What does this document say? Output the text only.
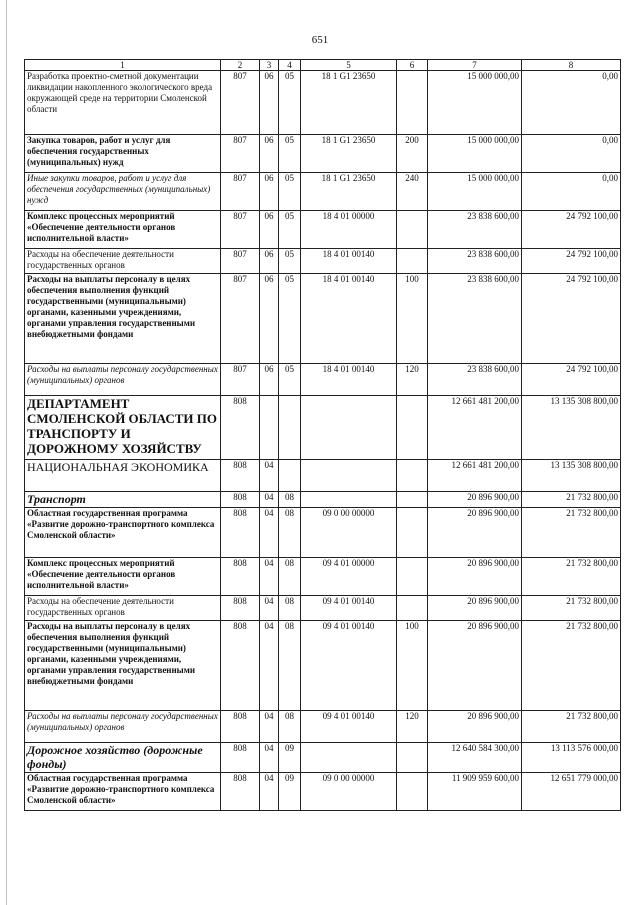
651
1	2	3	4	5	6	7	8
Разработка проектно-сметной документации ликвидации накопленного экологического вреда окружающей среде на территории Смоленской области	807	06	05	18 1 G1 23650		15 000 000,00	0,00
Закупка товаров, работ и услуг для обеспечения государственных (муниципальных) нужд	807	06	05	18 1 G1 23650	200	15 000 000,00	0,00
Иные закупки товаров, работ и услуг для обеспечения государственных (муниципальных) нужд	807	06	05	18 1 G1 23650	240	15 000 000,00	0,00
Комплекс процессных мероприятий «Обеспечение деятельности органов исполнительной власти»	807	06	05	18 4 01 00000		23 838 600,00	24 792 100,00
Расходы на обеспечение деятельности государственных органов	807	06	05	18 4 01 00140		23 838 600,00	24 792 100,00
Расходы на выплаты персоналу в целях обеспечения выполнения функций государственными (муниципальными) органами, казенными учреждениями, органами управления государственными внебюджетными фондами	807	06	05	18 4 01 00140	100	23 838 600,00	24 792 100,00
Расходы на выплаты персоналу государственных (муниципальных) органов	807	06	05	18 4 01 00140	120	23 838 600,00	24 792 100,00
ДЕПАРТАМЕНТ СМОЛЕНСКОЙ ОБЛАСТИ ПО ТРАНСПОРТУ И ДОРОЖНОМУ ХОЗЯЙСТВУ	808					12 661 481 200,00	13 135 308 800,00
НАЦИОНАЛЬНАЯ ЭКОНОМИКА	808	04				12 661 481 200,00	13 135 308 800,00
Транспорт	808	04	08			20 896 900,00	21 732 800,00
Областная государственная программа «Развитие дорожно-транспортного комплекса Смоленской области»	808	04	08	09 0 00 00000		20 896 900,00	21 732 800,00
Комплекс процессных мероприятий «Обеспечение деятельности органов исполнительной власти»	808	04	08	09 4 01 00000		20 896 900,00	21 732 800,00
Расходы на обеспечение деятельности государственных органов	808	04	08	09 4 01 00140		20 896 900,00	21 732 800,00
Расходы на выплаты персоналу в целях обеспечения выполнения функций государственными (муниципальными) органами, казенными учреждениями, органами управления государственными внебюджетными фондами	808	04	08	09 4 01 00140	100	20 896 900,00	21 732 800,00
Расходы на выплаты персоналу государственных (муниципальных) органов	808	04	08	09 4 01 00140	120	20 896 900,00	21 732 800,00
Дорожное хозяйство (дорожные фонды)	808	04	09			12 640 584 300,00	13 113 576 000,00
Областная государственная программа «Развитие дорожно-транспортного комплекса Смоленской области»	808	04	09	09 0 00 00000		11 909 959 600,00	12 651 779 000,00
